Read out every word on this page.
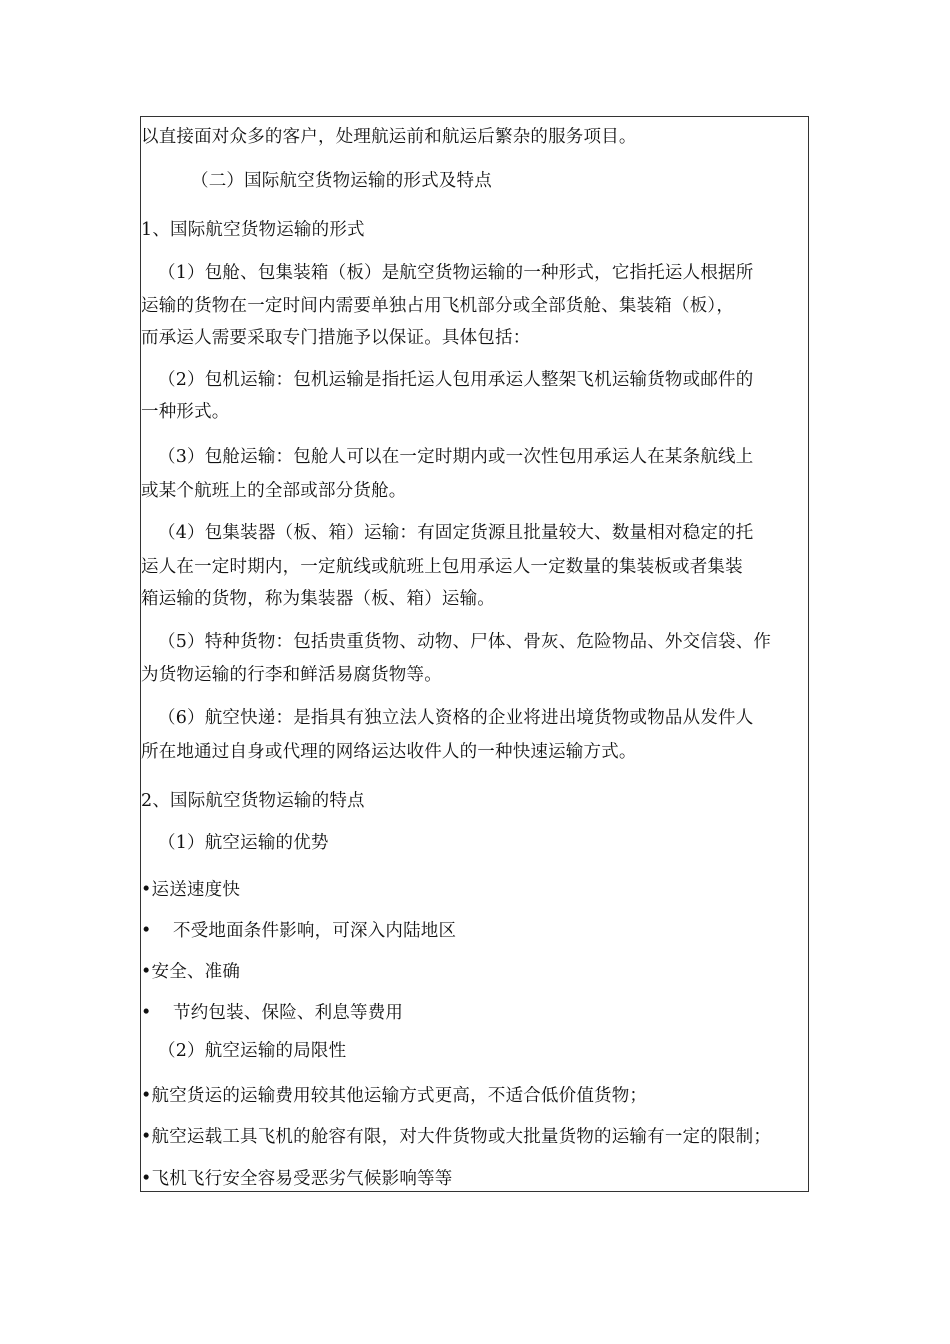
以直接面对众多的客户，处理航运前和航运后繁杂的服务项目。
（二）国际航空货物运输的形式及特点
1、国际航空货物运输的形式
（1）包舱、包集装箱（板）是航空货物运输的一种形式，它指托运人根据所
运输的货物在一定时间内需要单独占用飞机部分或全部货舱、集装箱（板），
而承运人需要采取专门措施予以保证。具体包括：
（2）包机运输：包机运输是指托运人包用承运人整架飞机运输货物或邮件的
一种形式。
（3）包舱运输：包舱人可以在一定时期内或一次性包用承运人在某条航线上
或某个航班上的全部或部分货舱。
（4）包集装器（板、箱）运输：有固定货源且批量较大、数量相对稳定的托
运人在一定时期内，一定航线或航班上包用承运人一定数量的集装板或者集装
箱运输的货物，称为集装器（板、箱）运输。
（5）特种货物：包括贵重货物、动物、尸体、骨灰、危险物品、外交信袋、作
为货物运输的行李和鲜活易腐货物等。
（6）航空快递：是指具有独立法人资格的企业将进出境货物或物品从发件人
所在地通过自身或代理的网络运达收件人的一种快速运输方式。
2、国际航空货物运输的特点
（1）航空运输的优势
•运送速度快
• 不受地面条件影响，可深入内陆地区
•安全、准确
• 节约包装、保险、利息等费用
（2）航空运输的局限性
•航空货运的运输费用较其他运输方式更高，不适合低价值货物；
•航空运载工具飞机的舱容有限，对大件货物或大批量货物的运输有一定的限制；
•飞机飞行安全容易受恶劣气候影响等等
